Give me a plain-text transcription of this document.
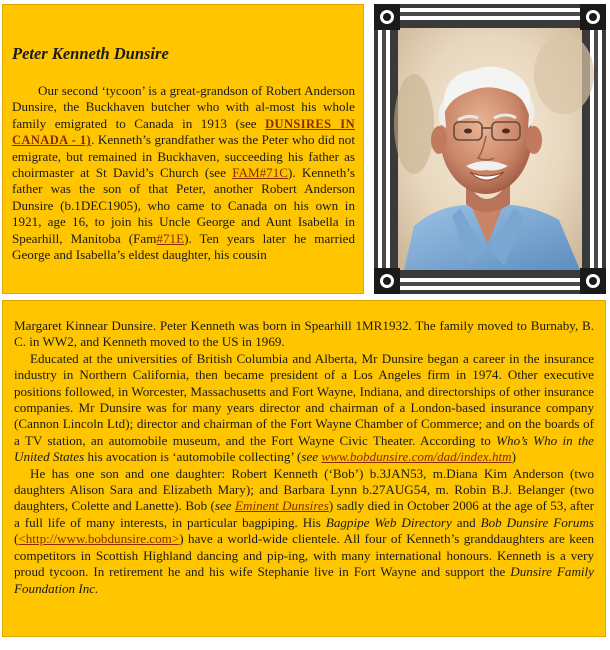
Peter Kenneth Dunsire

Our second ‘tycoon’ is a great-grandson of Robert Anderson Dunsire, the Buckhaven butcher who with al-most his whole family emigrated to Canada in 1913 (see DUNSIRES IN CANADA - 1). Kenneth’s grandfather was the Peter who did not emigrate, but remained in Buckhaven, succeeding his father as choirmaster at St David’s Church (see FAM#71C). Kenneth’s father was the son of that Peter, another Robert Anderson Dunsire (b.1DEC1905), who came to Canada on his own in 1921, age 16, to join his Uncle George and Aunt Isabella in Spearhill, Manitoba (Fam#71E). Ten years later he married George and Isabella’s eldest daughter, his cousin

Margaret Kinnear Dunsire. Peter Kenneth was born in Spearhill 1MR1932. The family moved to Burnaby, B. C. in WW2, and Kenneth moved to the US in 1969.
Educated at the universities of British Columbia and Alberta, Mr Dunsire began a career in the insurance industry in Northern California, then became president of a Los Angeles firm in 1974. Other executive positions followed, in Worcester, Massachusetts and Fort Wayne, Indiana, and directorships of other insurance companies. Mr Dunsire was for many years director and chairman of a London-based insurance company (Cannon Lincoln Ltd); director and chairman of the Fort Wayne Chamber of Commerce; and on the boards of a TV station, an automobile museum, and the Fort Wayne Civic Theater. According to Who’s Who in the United States his avocation is ‘automobile collecting’ (see www.bobdunsire.com/dad/index.htm)
He has one son and one daughter: Robert Kenneth (‘Bob’) b.3JAN53, m.Diana Kim Anderson (two daughters Alison Sara and Elizabeth Mary); and Barbara Lynn b.27AUG54, m. Robin B.J. Belanger (two daughters, Colette and Lanette). Bob (see Eminent Dunsires) sadly died in October 2006 at the age of 53, after a full life of many interests, in particular bagpiping. His Bagpipe Web Directory and Bob Dunsire Forums (<http://www.bobdunsire.com>) have a world-wide clientele. All four of Kenneth’s granddaughters are keen competitors in Scottish Highland dancing and pip-ing, with many international honours. Kenneth is a very proud tycoon. In retirement he and his wife Stephanie live in Fort Wayne and support the Dunsire Family Foundation Inc.
